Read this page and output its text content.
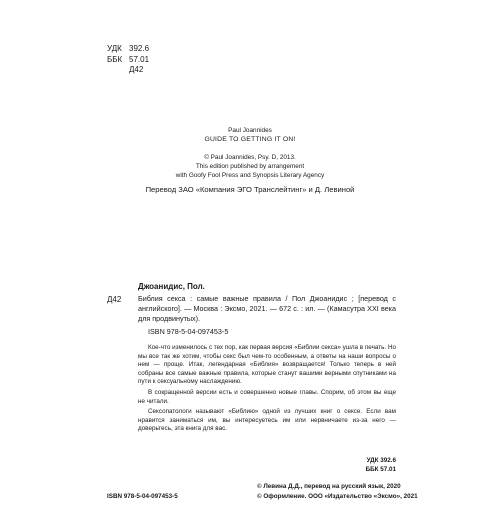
УДК 392.6
ББК 57.01
Д42
Paul Joannides
GUIDE TO GETTING IT ON!
© Paul Joannides, Psy. D, 2013.
This edition published by arrangement
with Goofy Fool Press and Synopsis Literary Agency
Перевод ЗАО «Компания ЭГО Транслейтинг» и Д. Левиной
Джоанидис, Пол.
Д42 Библия секса : самые важные правила / Пол Джоанидис ; [перевод с английского]. — Москва : Эксмо, 2021. — 672 с. : ил. — (Камасутра XXI века для продвинутых).
ISBN 978-5-04-097453-5

Кое-что изменилось с тех пор, как первая версия «Библии секса» ушла в печать. Но мы все так же хотим, чтобы секс был чем-то особенным, а ответы на наши вопросы о нем — проще. Итак, легендарная «Библия» возвращается! Только теперь в ней собраны все самые важные правила, которые станут вашими верными спутниками на пути к сексуальному наслаждению.

В сокращенной версии есть и совершенно новые главы. Спорим, об этом вы еще не читали.

Сексопатологи называют «Библию» одной из лучших книг о сексе. Если вам нравится заниматься им, вы интересуетесь им или нервничаете из-за него — доверьтесь, эта книга для вас.

УДК 392.6
ББК 57.01
ISBN 978-5-04-097453-5
© Левина Д.Д., перевод на русский язык, 2020
© Оформление. ООО «Издательство «Эксмо», 2021
